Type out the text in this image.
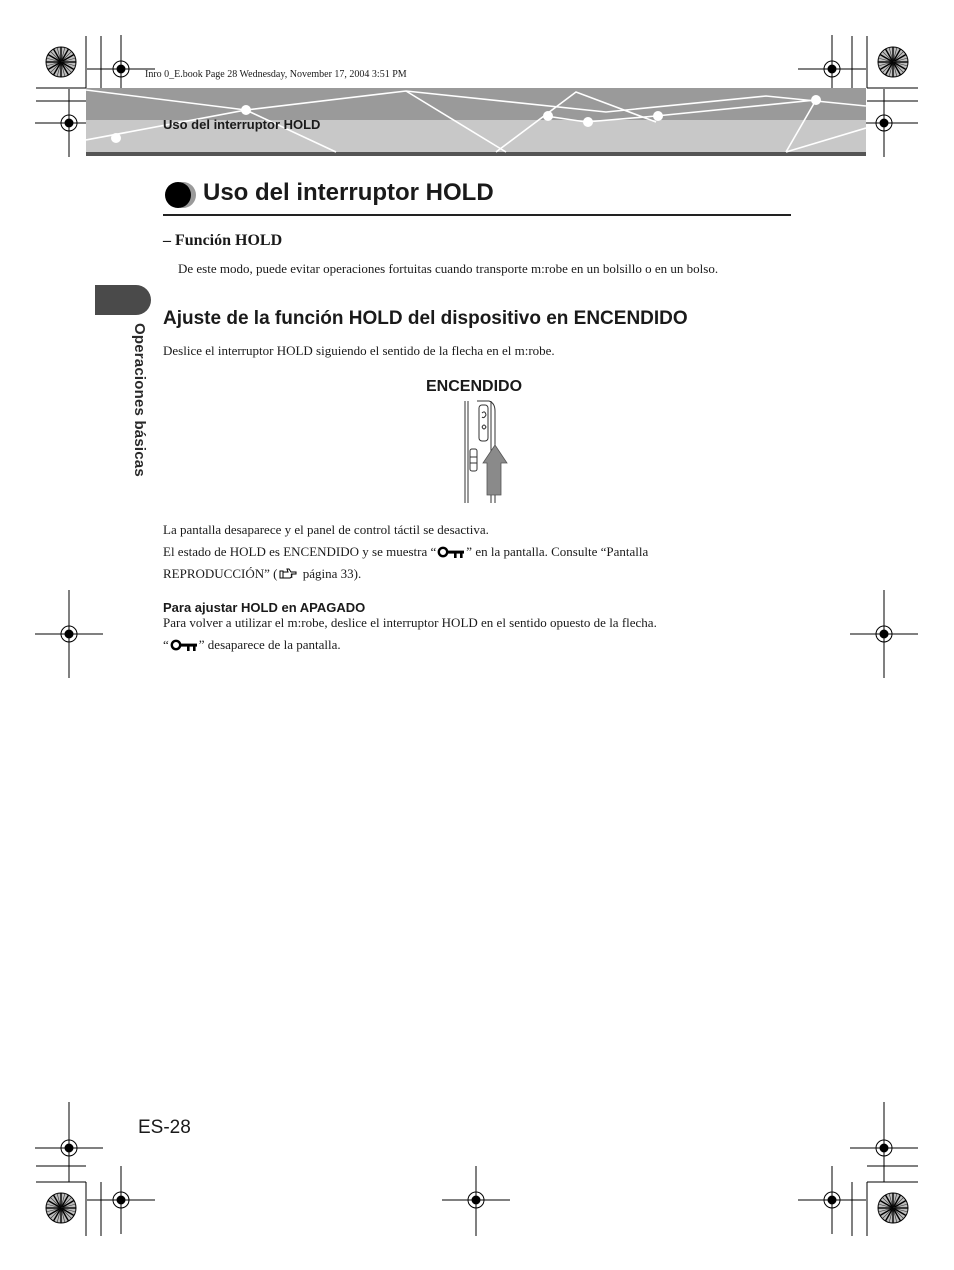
Inro 0_E.book Page 28 Wednesday, November 17, 2004 3:51 PM
Uso del interruptor HOLD
Operaciones básicas
Uso del interruptor HOLD
– Función HOLD
De este modo, puede evitar operaciones fortuitas cuando transporte m:robe en un bolsillo o en un bolso.
Ajuste de la función HOLD del dispositivo en ENCENDIDO
Deslice el interruptor HOLD siguiendo el sentido de la flecha en el m:robe.
ENCENDIDO
La pantalla desaparece y el panel de control táctil se desactiva.
El estado de HOLD es ENCENDIDO y se muestra “ ” en la pantalla. Consulte “Pantalla
REPRODUCCIÓN” ( página 33).
Para ajustar HOLD en APAGADO
Para volver a utilizar el m:robe, deslice el interruptor HOLD en el sentido opuesto de la flecha.
“ ” desaparece de la pantalla.
ES-28
